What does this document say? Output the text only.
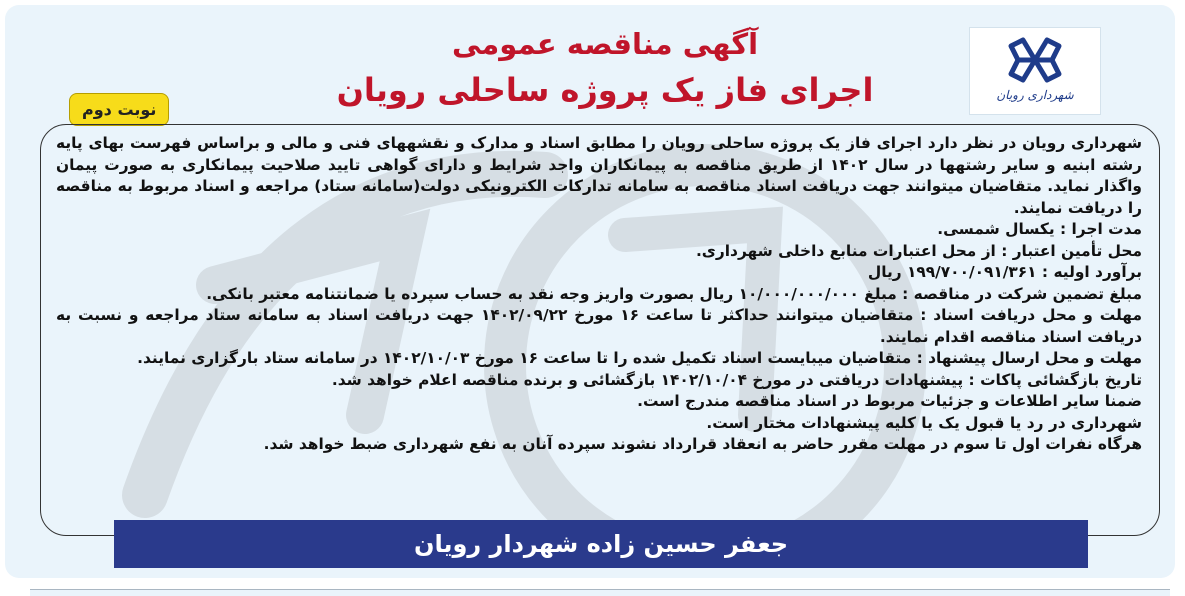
شهرداری رویان
آگهی مناقصه عمومی
اجرای فاز یک پروژه ساحلی رویان
نوبت دوم

شهرداری رویان در نظر دارد اجرای فاز یک پروژه ساحلی رویان را مطابق اسناد و مدارک و نقشههای فنی و مالی و براساس فهرست بهای پایه رشته ابنیه و سایر رشتهها در سال ۱۴۰۲ از طریق مناقصه به پیمانکاران واجد شرایط و دارای گواهی تایید صلاحیت پیمانکاری به صورت پیمان واگذار نماید. متقاضیان میتوانند جهت دریافت اسناد مناقصه به سامانه تدارکات الکترونیکی دولت(سامانه ستاد) مراجعه و اسناد مربوط به مناقصه را دریافت نمایند.

مدت اجرا : یکسال شمسی.

محل تأمین اعتبار : از محل اعتبارات منابع داخلی شهرداری.

برآورد اولیه : ۱۹۹/۷۰۰/۰۹۱/۳۶۱ ریال

مبلغ تضمین شرکت در مناقصه : مبلغ ۱۰/۰۰۰/۰۰۰/۰۰۰ ریال بصورت واریز وجه نقد به حساب سپرده یا ضمانتنامه معتبر بانکی.

مهلت و محل دریافت اسناد : متقاضیان میتوانند حداکثر تا ساعت ۱۶ مورخ ۱۴۰۲/۰۹/۲۲ جهت دریافت اسناد به سامانه ستاد مراجعه و نسبت به دریافت اسناد مناقصه اقدام نمایند.

مهلت و محل ارسال پیشنهاد : متقاضیان میبایست اسناد تکمیل شده را تا ساعت ۱۶ مورخ ۱۴۰۲/۱۰/۰۳ در سامانه ستاد بارگزاری نمایند.

تاریخ بازگشائی پاکات : پیشنهادات دریافتی در مورخ ۱۴۰۲/۱۰/۰۴ بازگشائی و برنده مناقصه اعلام خواهد شد.

ضمنا سایر اطلاعات و جزئیات مربوط در اسناد مناقصه مندرج است.

شهرداری در رد یا قبول یک یا کلیه پیشنهادات مختار است.

هرگاه نفرات اول تا سوم در مهلت مقرر حاضر به انعقاد قرارداد نشوند سپرده آنان به نفع شهرداری ضبط خواهد شد.

جعفر حسین زاده شهردار رویان
